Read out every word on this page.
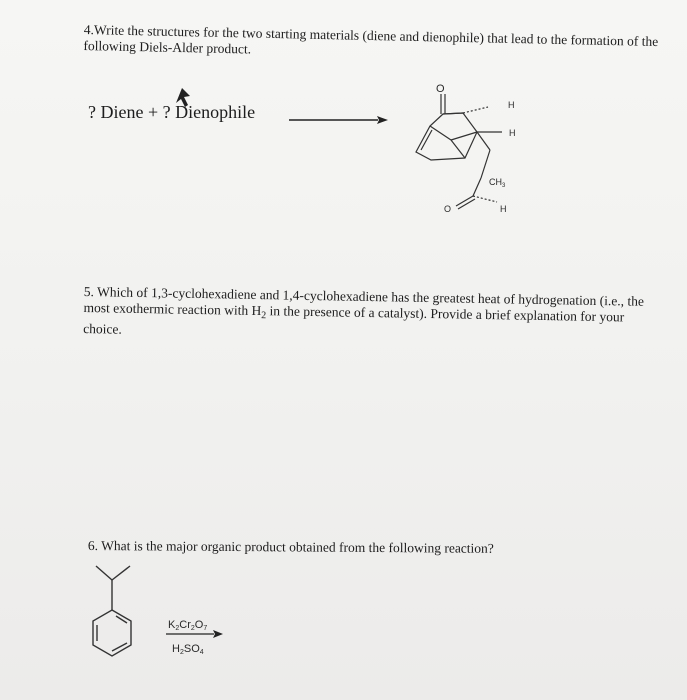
4.Write the structures for the two starting materials (diene and dienophile) that lead to the formation of the following Diels-Alder product.

? Diene + ? Dienophile

5. Which of 1,3-cyclohexadiene and 1,4-cyclohexadiene has the greatest heat of hydrogenation (i.e., the most exothermic reaction with $H_2$ in the presence of a catalyst). Provide a brief explanation for your choice.

6. What is the major organic product obtained from the following reaction?

O
H
H
$CH_3$
O	H
K2Cr2O7
H2SO4
